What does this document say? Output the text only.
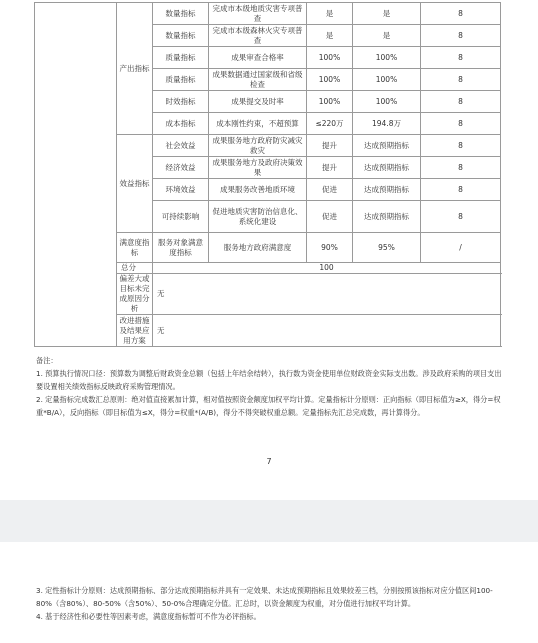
	产出指标	数量指标	完成市本级地质灾害专项普查	是	是	8
		数量指标	完成市本级森林火灾专项普查	是	是	8
		质量指标	成果审查合格率	100%	100%	8
		质量指标	成果数据通过国家级和省级检查	100%	100%	8
		时效指标	成果提交及时率	100%	100%	8
		成本指标	成本刚性约束，不超预算	≤220万	194.8万	8
	效益指标	社会效益	成果服务地方政府防灾减灾救灾	提升	达成预期指标	8
		经济效益	成果服务地方及政府决策效果	提升	达成预期指标	8
		环境效益	成果服务改善地质环境	促进	达成预期指标	8
		可持续影响	促进地质灾害防治信息化、系统化建设	促进	达成预期指标	8
	满意度指标	服务对象满意度指标	服务地方政府满意度	90%	95%	/
	总分	100				
	偏差大或目标未完成原因分析	无				
	改进措施及结果应用方案	无				

备注：

1. 预算执行情况口径：预算数为调整后财政资金总额（包括上年结余结转），执行数为资金使用单位财政资金实际支出数。涉及政府采购的项目支出要设置相关绩效指标反映政府采购管理情况。

2. 定量指标完成数汇总原则：绝对值直接累加计算，相对值按照资金额度加权平均计算。定量指标计分原则：正向指标（即目标值为≥X，得分=权重*B/A），反向指标（即目标值为≤X，得分=权重*(A/B)，得分不得突破权重总额。定量指标先汇总完成数，再计算得分。

7

3. 定性指标计分原则：达成预期指标、部分达成预期指标并具有一定效果、未达成预期指标且效果较差三档，分别按照该指标对应分值区间100-80%（含80%）、80-50%（含50%）、50-0%合理确定分值。汇总时，以资金额度为权重，对分值进行加权平均计算。

4. 基于经济性和必要性等因素考虑，满意度指标暂可不作为必评指标。
